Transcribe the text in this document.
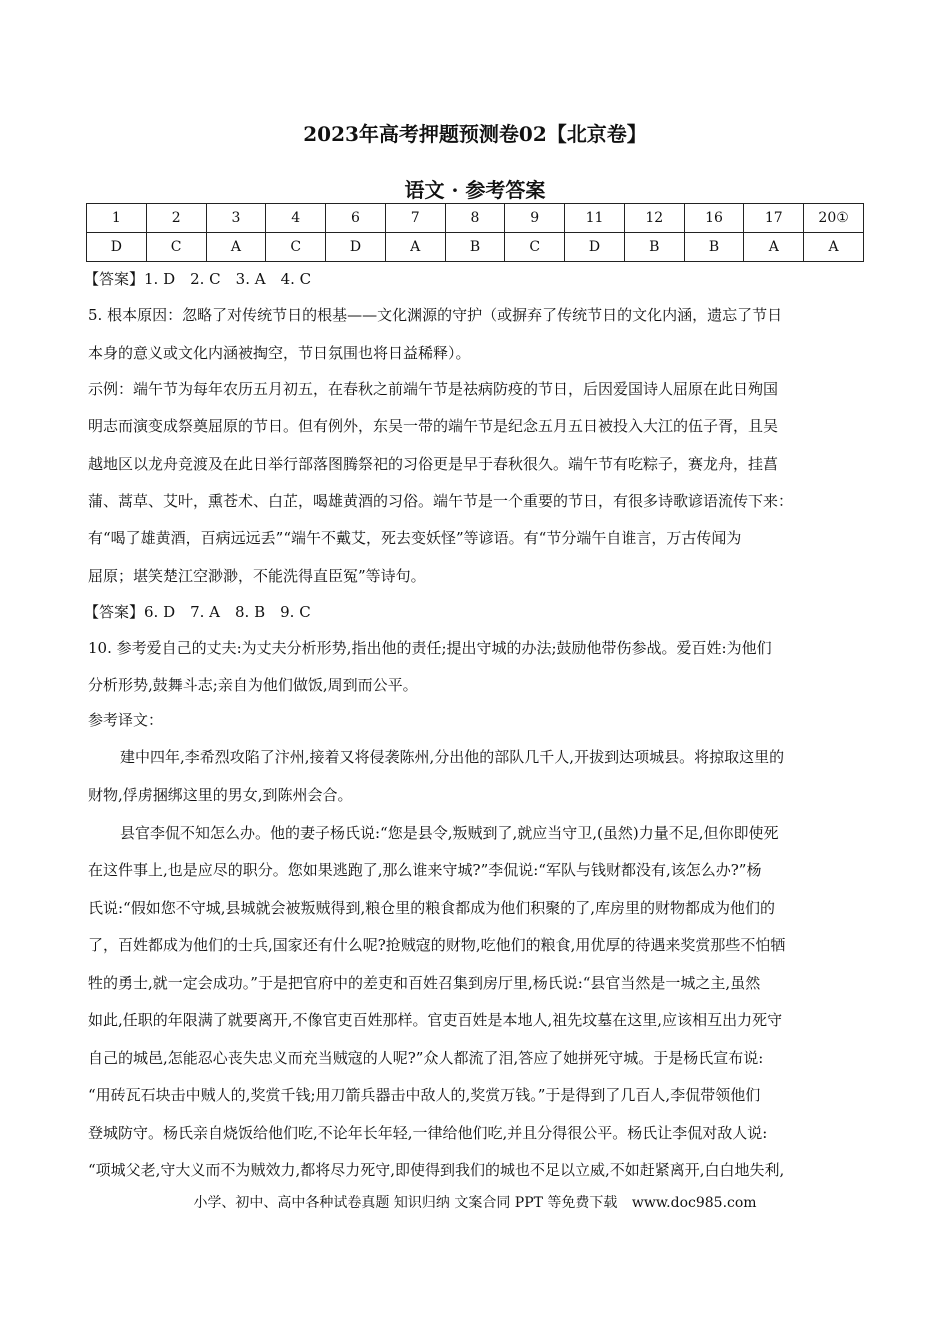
2023年高考押题预测卷02【北京卷】
语文 · 参考答案
1	2	3	4	6	7	8	9	11	12	16	17	20①
D	C	A	C	D	A	B	C	D	B	B	A	A
【答案】1. D　2. C　3. A　4. C
5. 根本原因：忽略了对传统节日的根基——文化渊源的守护（或摒弃了传统节日的文化内涵，遗忘了节日
本身的意义或文化内涵被掏空，节日氛围也将日益稀释）。
示例：端午节为每年农历五月初五，在春秋之前端午节是祛病防疫的节日，后因爱国诗人屈原在此日殉国
明志而演变成祭奠屈原的节日。但有例外，东吴一带的端午节是纪念五月五日被投入大江的伍子胥，且吴
越地区以龙舟竞渡及在此日举行部落图腾祭祀的习俗更是早于春秋很久。端午节有吃粽子，赛龙舟，挂菖
蒲、蒿草、艾叶，熏苍术、白芷，喝雄黄酒的习俗。端午节是一个重要的节日，有很多诗歌谚语流传下来：
有“喝了雄黄酒，百病远远丢”“端午不戴艾，死去变妖怪”等谚语。有“节分端午自谁言，万古传闻为
屈原；堪笑楚江空渺渺，不能洗得直臣冤”等诗句。
【答案】6. D　7. A　8. B　9. C
10. 参考爱自己的丈夫:为丈夫分析形势,指出他的责任;提出守城的办法;鼓励他带伤参战。爱百姓:为他们
分析形势,鼓舞斗志;亲自为他们做饭,周到而公平。
参考译文：
建中四年,李希烈攻陷了汴州,接着又将侵袭陈州,分出他的部队几千人,开拔到达项城县。将掠取这里的
财物,俘虏捆绑这里的男女,到陈州会合。
县官李侃不知怎么办。他的妻子杨氏说:“您是县令,叛贼到了,就应当守卫,(虽然)力量不足,但你即使死
在这件事上,也是应尽的职分。您如果逃跑了,那么谁来守城?”李侃说:“军队与钱财都没有,该怎么办?”杨
氏说:“假如您不守城,县城就会被叛贼得到,粮仓里的粮食都成为他们积聚的了,库房里的财物都成为他们的
了，百姓都成为他们的士兵,国家还有什么呢?抢贼寇的财物,吃他们的粮食,用优厚的待遇来奖赏那些不怕牺
牲的勇士,就一定会成功。”于是把官府中的差吏和百姓召集到房厅里,杨氏说:“县官当然是一城之主,虽然
如此,任职的年限满了就要离开,不像官吏百姓那样。官吏百姓是本地人,祖先坟墓在这里,应该相互出力死守
自己的城邑,怎能忍心丧失忠义而充当贼寇的人呢?”众人都流了泪,答应了她拼死守城。于是杨氏宣布说:
“用砖瓦石块击中贼人的,奖赏千钱;用刀箭兵器击中敌人的,奖赏万钱。”于是得到了几百人,李侃带领他们
登城防守。杨氏亲自烧饭给他们吃,不论年长年轻,一律给他们吃,并且分得很公平。杨氏让李侃对敌人说:
“项城父老,守大义而不为贼效力,都将尽力死守,即使得到我们的城也不足以立威,不如赶紧离开,白白地失利,
小学、初中、高中各种试卷真题 知识归纳 文案合同 PPT 等免费下载 www.doc985.com
